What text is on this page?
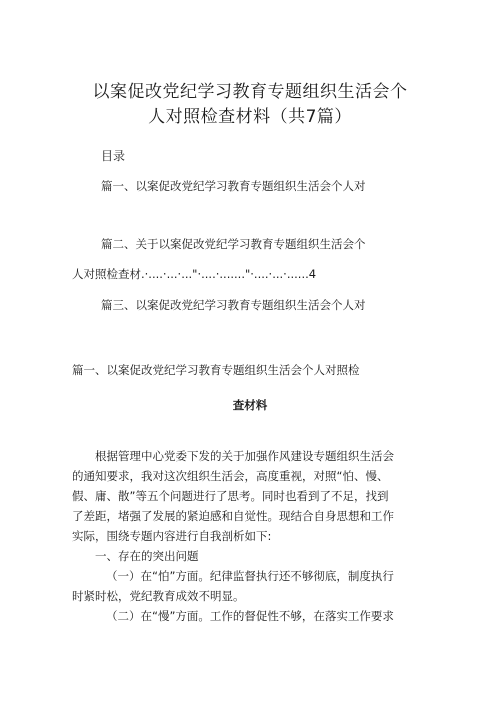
以案促改党纪学习教育专题组织生活会个
人对照检查材料（共7篇）
目录
篇一、以案促改党纪学习教育专题组织生活会个人对
篇二、关于以案促改党纪学习教育专题组织生活会个
人对照检查材.·....·...·..."·....·......."·....·...·......4
篇三、以案促改党纪学习教育专题组织生活会个人对
篇一、以案促改党纪学习教育专题组织生活会个人对照检
查材料

根据管理中心党委下发的关于加强作风建设专题组织生活会

的通知要求，我对这次组织生活会，高度重视，对照“怕、慢、

假、庸、散”等五个问题进行了思考。同时也看到了不足，找到

了差距，堵强了发展的紧迫感和自觉性。现结合自身思想和工作

实际，围绕专题内容进行自我剖析如下:

一、存在的突出问题

（一）在“怕”方面。纪律监督执行还不够彻底，制度执行

时紧时松，党纪教育成效不明显。

（二）在“慢”方面。工作的督促性不够，在落实工作要求
